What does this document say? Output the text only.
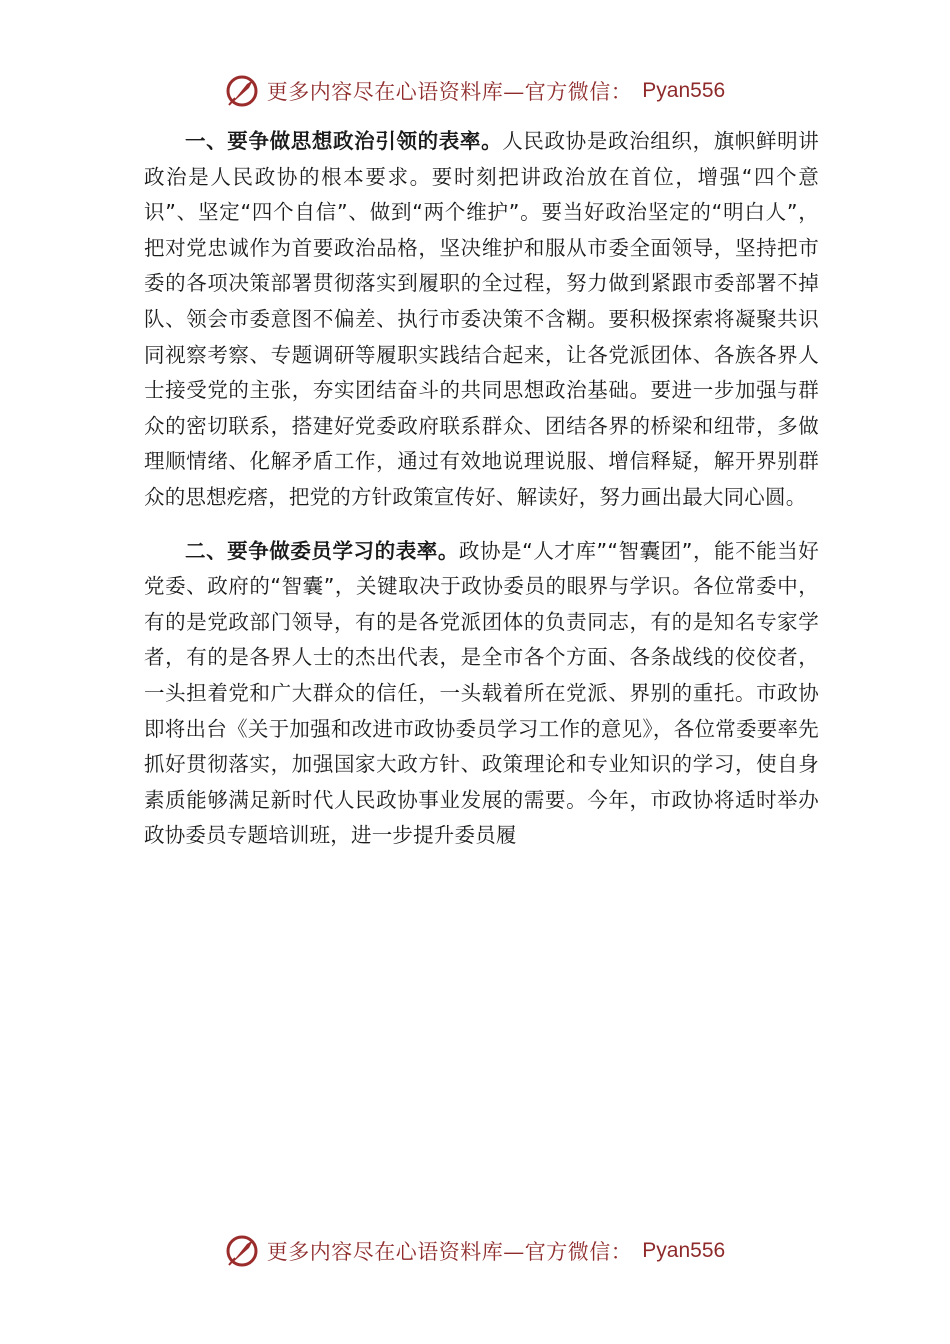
更多内容尽在心语资料库—官方微信： Pyan556

一、要争做思想政治引领的表率。人民政协是政治组织，旗帜鲜明讲政治是人民政协的根本要求。要时刻把讲政治放在首位，增强“四个意识”、坚定“四个自信”、做到“两个维护”。要当好政治坚定的“明白人”，把对党忠诚作为首要政治品格，坚决维护和服从市委全面领导，坚持把市委的各项决策部署贯彻落实到履职的全过程，努力做到紧跟市委部署不掉队、领会市委意图不偏差、执行市委决策不含糊。要积极探索将凝聚共识同视察考察、专题调研等履职实践结合起来，让各党派团体、各族各界人士接受党的主张，夯实团结奋斗的共同思想政治基础。要进一步加强与群众的密切联系，搭建好党委政府联系群众、团结各界的桥梁和纽带，多做理顺情绪、化解矛盾工作，通过有效地说理说服、增信释疑，解开界别群众的思想疙瘩，把党的方针政策宣传好、解读好，努力画出最大同心圆。

二、要争做委员学习的表率。政协是“人才库”“智囊团”，能不能当好党委、政府的“智囊”，关键取决于政协委员的眼界与学识。各位常委中，有的是党政部门领导，有的是各党派团体的负责同志，有的是知名专家学者，有的是各界人士的杰出代表，是全市各个方面、各条战线的佼佼者，一头担着党和广大群众的信任，一头载着所在党派、界别的重托。市政协即将出台《关于加强和改进市政协委员学习工作的意见》，各位常委要率先抓好贯彻落实，加强国家大政方针、政策理论和专业知识的学习，使自身素质能够满足新时代人民政协事业发展的需要。今年，市政协将适时举办政协委员专题培训班，进一步提升委员履

更多内容尽在心语资料库—官方微信： Pyan556
